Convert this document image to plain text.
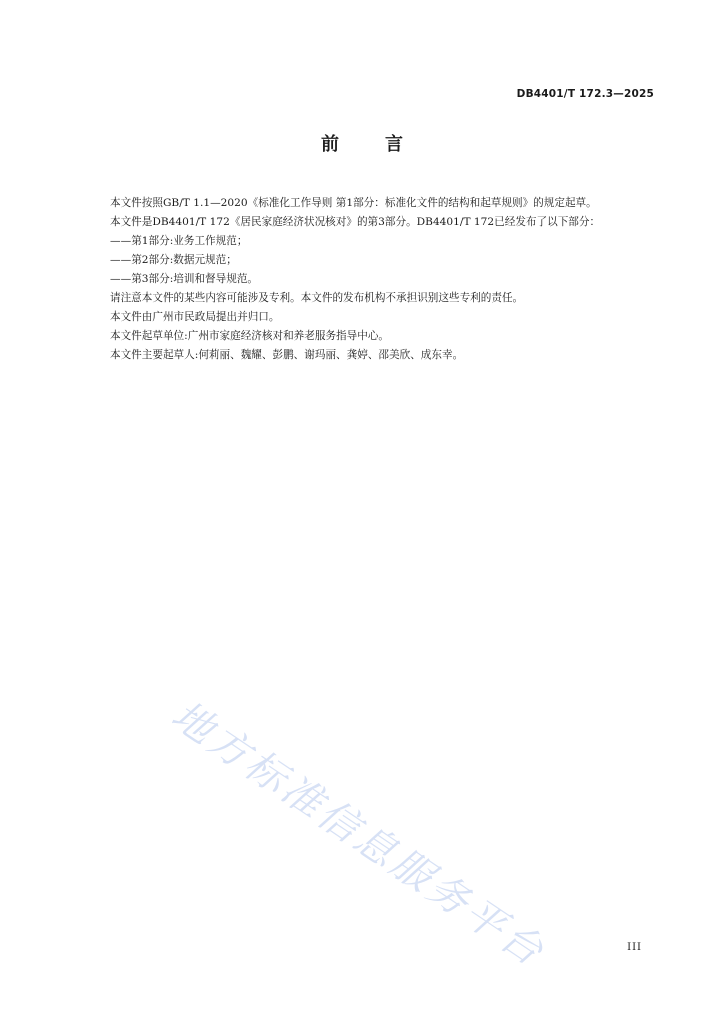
DB4401/T 172.3—2025
前	言

本文件按照GB/T 1.1—2020《标准化工作导则 第1部分：标准化文件的结构和起草规则》的规定起草。

本文件是DB4401/T 172《居民家庭经济状况核对》的第3部分。DB4401/T 172已经发布了以下部分：

——第1部分:业务工作规范；

——第2部分:数据元规范；

——第3部分:培训和督导规范。

请注意本文件的某些内容可能涉及专利。本文件的发布机构不承担识别这些专利的责任。

本文件由广州市民政局提出并归口。

本文件起草单位:广州市家庭经济核对和养老服务指导中心。

本文件主要起草人:何莉丽、魏耀、彭鹏、谢玛丽、龚婷、邵美欣、成东幸。

地方标准信息服务平台	III
